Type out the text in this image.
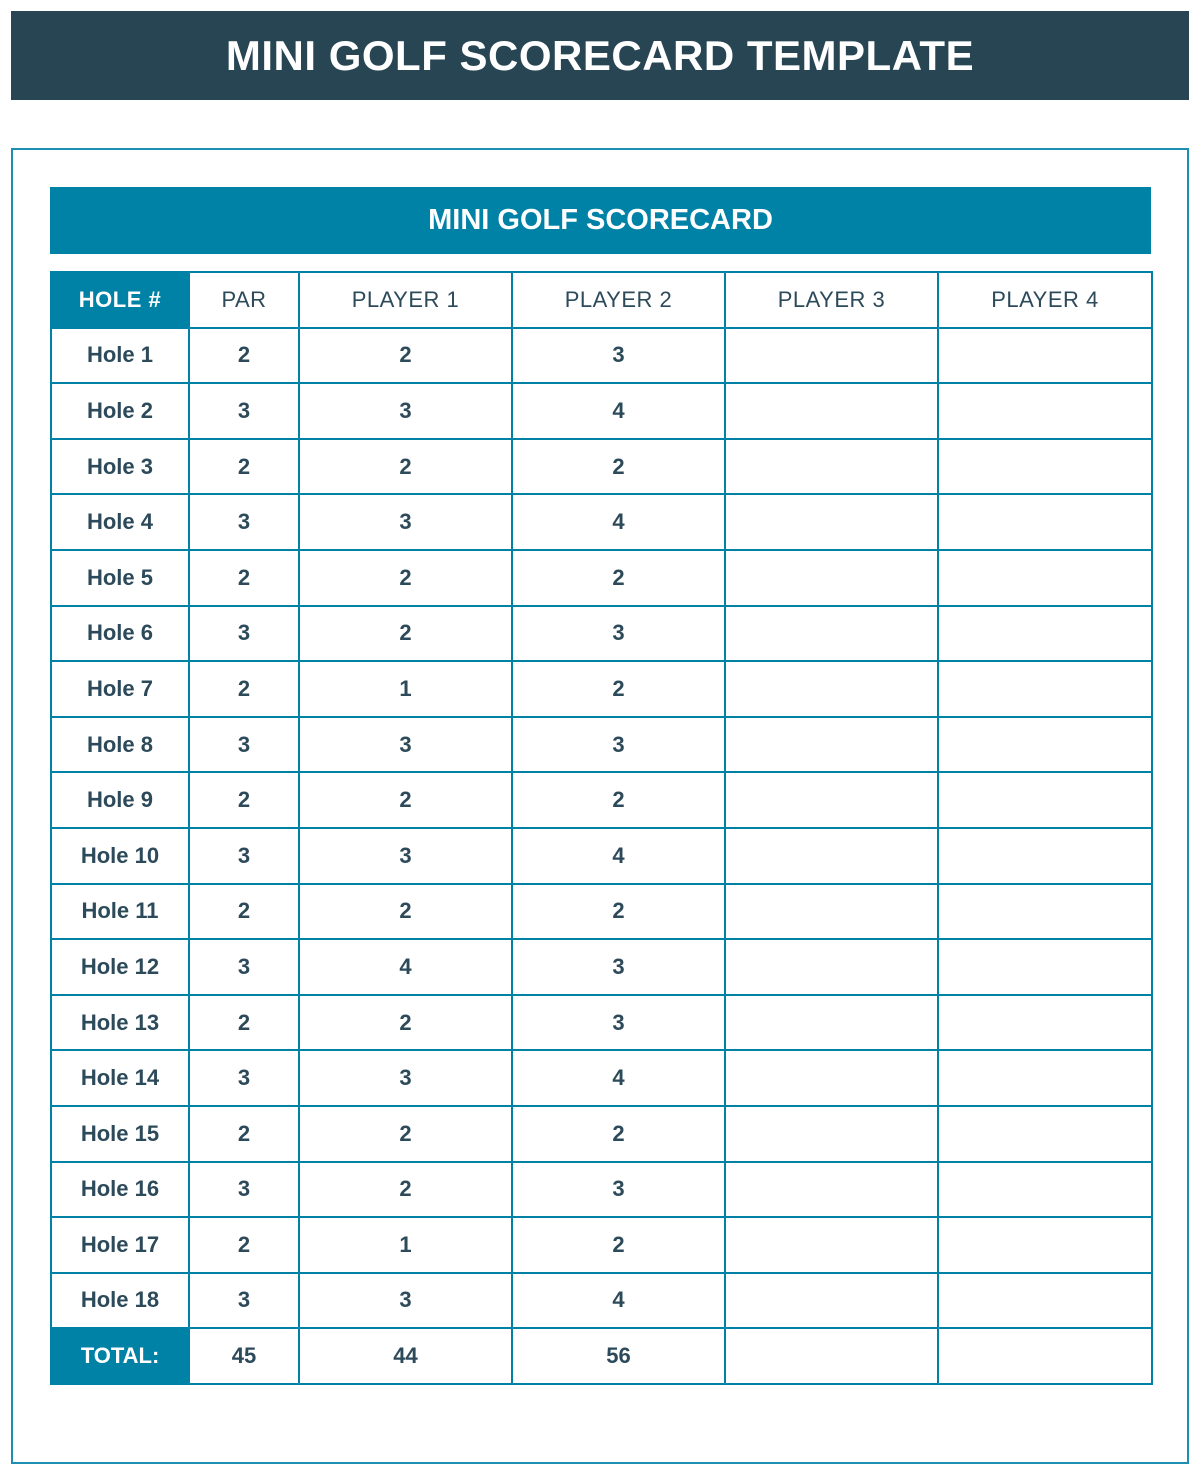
MINI GOLF SCORECARD TEMPLATE
MINI GOLF SCORECARD
HOLE #	PAR	PLAYER 1	PLAYER 2	PLAYER 3	PLAYER 4
Hole 1	2	2	3		
Hole 2	3	3	4		
Hole 3	2	2	2		
Hole 4	3	3	4		
Hole 5	2	2	2		
Hole 6	3	2	3		
Hole 7	2	1	2		
Hole 8	3	3	3		
Hole 9	2	2	2		
Hole 10	3	3	4		
Hole 11	2	2	2		
Hole 12	3	4	3		
Hole 13	2	2	3		
Hole 14	3	3	4		
Hole 15	2	2	2		
Hole 16	3	2	3		
Hole 17	2	1	2		
Hole 18	3	3	4		
TOTAL:	45	44	56		
